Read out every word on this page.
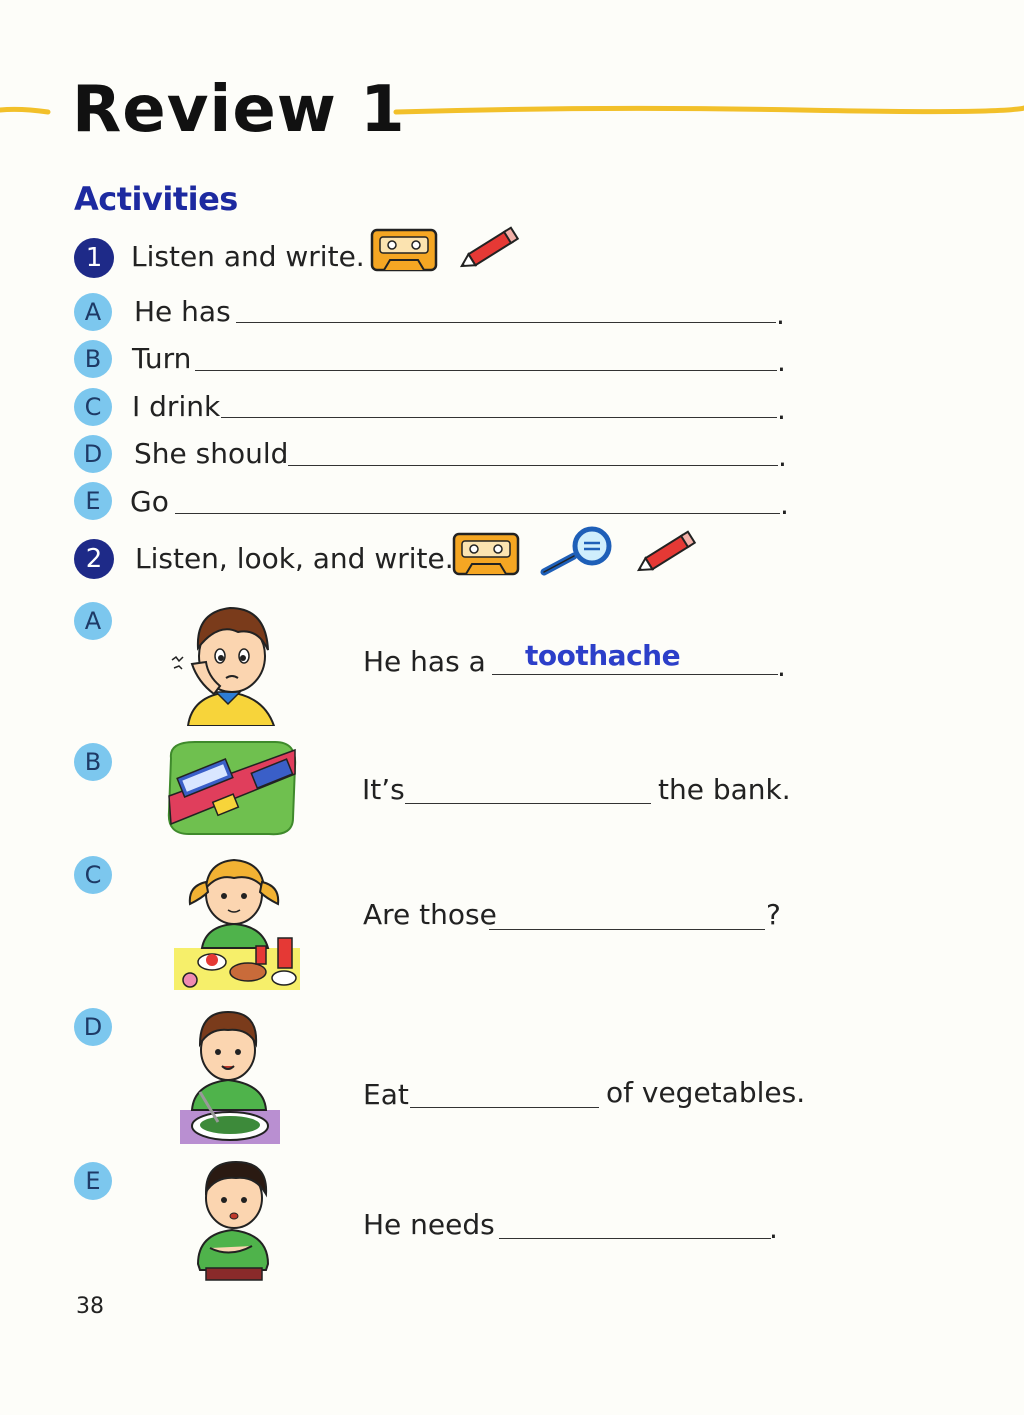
Review 1
Activities
1	Listen and write.
A	He has	.
B	Turn	.
C	I drink	.
D	She should	.
E	Go	.
2	Listen, look, and write.
A
He has a toothache	.
B
It’s	the bank.
C
Are those	?
D
Eat	of vegetables.
E
He needs	.
38
